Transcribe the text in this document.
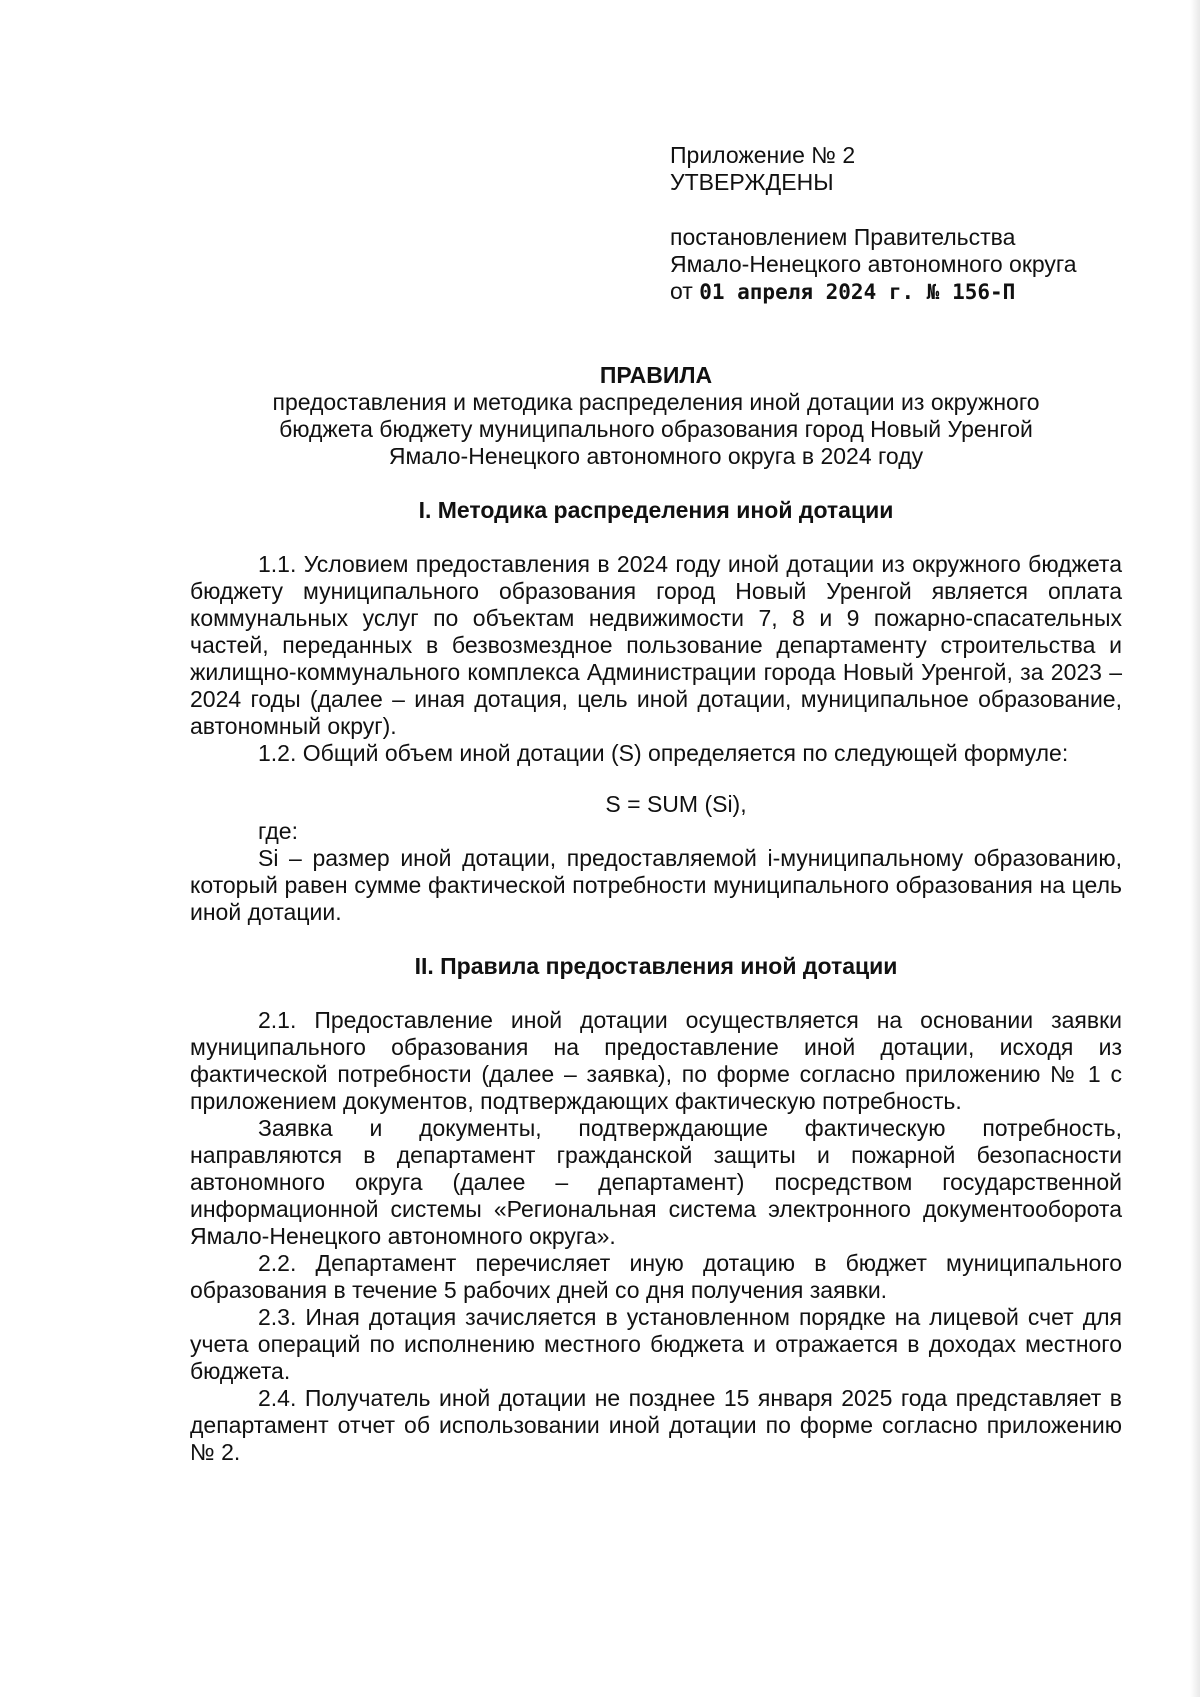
Приложение № 2
УТВЕРЖДЕНЫ
постановлением Правительства
Ямало-Ненецкого автономного округа
от 01 апреля 2024 г. № 156-П
ПРАВИЛА
предоставления и методика распределения иной дотации из окружного
бюджета бюджету муниципального образования город Новый Уренгой
Ямало-Ненецкого автономного округа в 2024 году
I. Методика распределения иной дотации

1.1. Условием предоставления в 2024 году иной дотации из окружного бюджета бюджету муниципального образования город Новый Уренгой является оплата коммунальных услуг по объектам недвижимости 7, 8 и 9 пожарно-спасательных частей, переданных в безвозмездное пользование департаменту строительства и жилищно-коммунального комплекса Администрации города Новый Уренгой, за 2023 – 2024 годы (далее – иная дотация, цель иной дотации, муниципальное образование, автономный округ).

1.2. Общий объем иной дотации (S) определяется по следующей формуле:

S = SUM (Si),

где:

Si – размер иной дотации, предоставляемой i-муниципальному образованию, который равен сумме фактической потребности муниципального образования на цель иной дотации.

II. Правила предоставления иной дотации

2.1. Предоставление иной дотации осуществляется на основании заявки муниципального образования на предоставление иной дотации, исходя из фактической потребности (далее – заявка), по форме согласно приложению № 1 с приложением документов, подтверждающих фактическую потребность.

Заявка и документы, подтверждающие фактическую потребность, направляются в департамент гражданской защиты и пожарной безопасности автономного округа (далее – департамент) посредством государственной информационной системы «Региональная система электронного документооборота Ямало-Ненецкого автономного округа».

2.2. Департамент перечисляет иную дотацию в бюджет муниципального образования в течение 5 рабочих дней со дня получения заявки.

2.3. Иная дотация зачисляется в установленном порядке на лицевой счет для учета операций по исполнению местного бюджета и отражается в доходах местного бюджета.

2.4. Получатель иной дотации не позднее 15 января 2025 года представляет в департамент отчет об использовании иной дотации по форме согласно приложению № 2.
